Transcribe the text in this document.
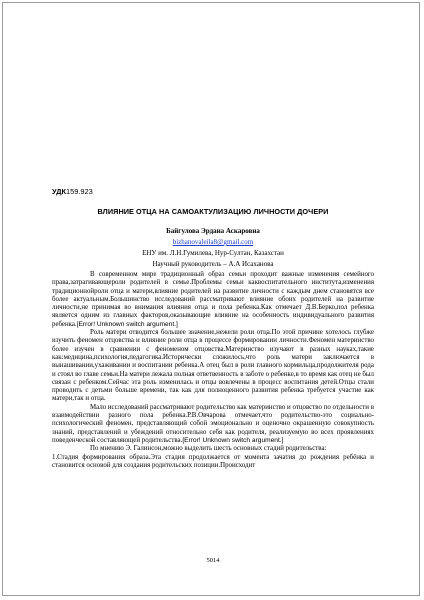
УДК159.923
ВЛИЯНИЕ ОТЦА НА САМОАКТУЛИЗАЦИЮ ЛИЧНОСТИ ДОЧЕРИ
Байгулова Эрдана Аскаровна
bizhanovaleila8@gmail.com
ЕНУ им. Л.Н.Гумилева, Нур-Султан, Казахстан
Научный руководитель – А.А Исаханова

В современном мире традиционный образ семьи проходит важные изменения семейного права,затрагивающероли родителей в семье.Проблемы семьи каквоспитательного института,изменения традиционнойроли отца и матери,влияние родителей на развитие личности с каждым днем становятся все более актуальным.Большинство исследований рассматривают влияние обоих родителей на развитие личности,не принимая во внимания влияния отца и пола ребенка.Как отмечает Д.В.Берко,пол ребенка является одним из главных факторов,оказывающие влияние на особенность индивидуального развития ребенка.[Error! Unknown switch argument.]

Роль матери отводится большее значение,нежели роли отца.По этой причине хотелось глубже изучить феномен отцовства и влияние роли отца в процессе формировании личности.Феномен материнство более изучен в сравнении с феноменом отцовства.Материнство изучают в разных науках,такие как:медицина,психология,педагогика.Исторически сложилось,что роль матери заключается в вынашивании,ухаживании и воспитании ребенка.А отец был в роли главного кормильца,продолжителя рода и стоял во главе семьи.На матери лежала полная ответвенность в заботе о ребенке,в то время как отец не был связан с ребенком.Сейчас эта роль изменилась и отцы вовлечены в процесс воспитания детей.Отцы стали проводить с детьми больше времени, так как для полноценного развития ребенка требуется участие как матери,так и отца.

Мало исследований рассматривают родительство как материнство и отцовство по отдельности в взаимодействии разного пола ребенка.Р.В.Овчарова отмечает,что родительство-это социально-психологический феномен, представляющий собой эмоционально и оценочно окрашенную совокупность знаний, представлений и убеждений относительно себя как родителя, реализуемую во всех проявлениях поведенческой составляющей родительства.[Error! Unknown switch argument.]

По мнению Э. Галинсон,можно выделить шесть основных стадий родительства:

1.Стадия формирования образа.Эта стадия продолжается от момента зачатия до рождения ребёнка и становится основой для создания родительских позиции.Происходит

5014
